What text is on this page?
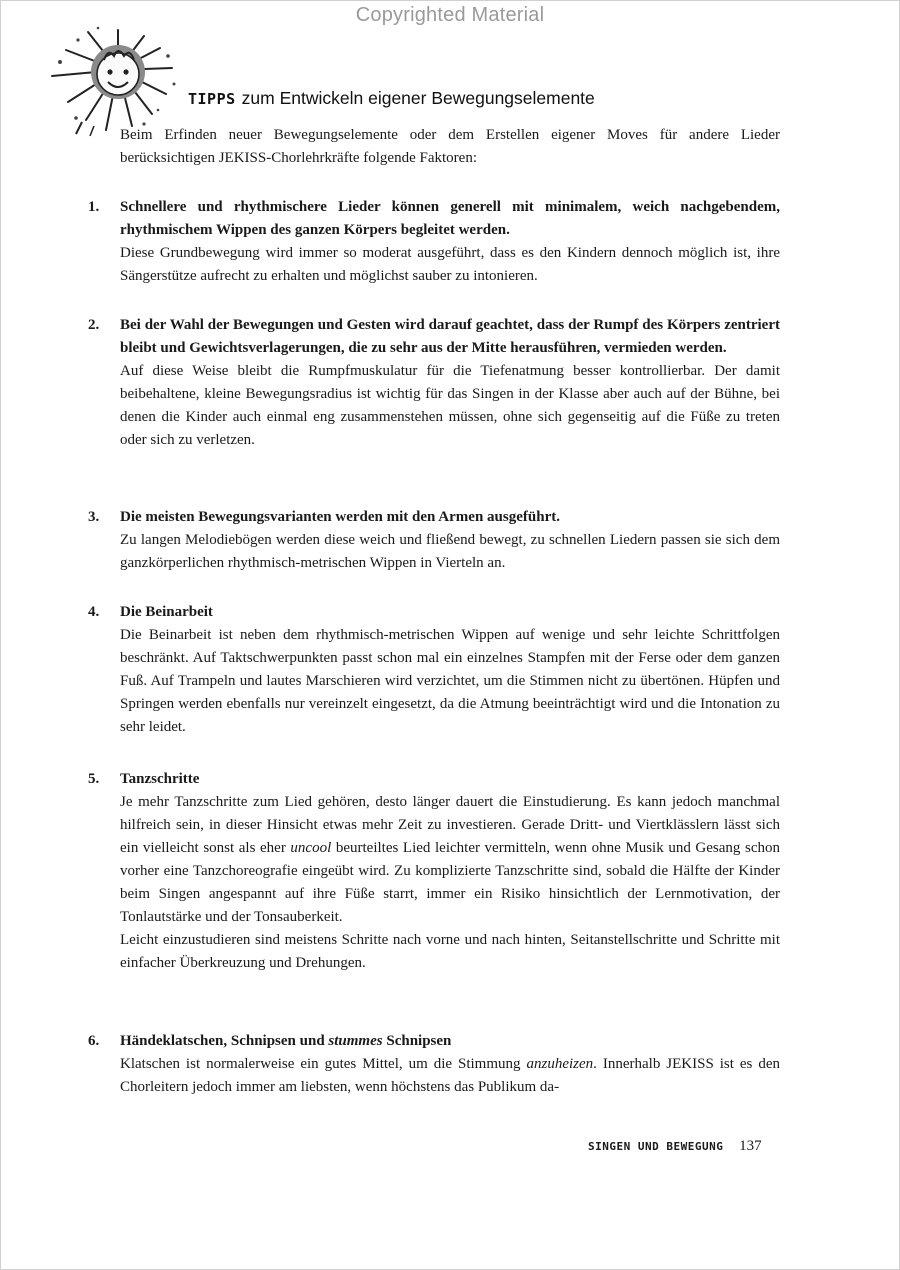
Copyrighted Material
TIPPS zum Entwickeln eigener Bewegungselemente
Beim Erfinden neuer Bewegungselemente oder dem Erstellen eigener Moves für andere Lieder berücksichtigen JEKISS-Chorlehrkräfte folgende Faktoren:
1. Schnellere und rhythmischere Lieder können generell mit minimalem, weich nachgebendem, rhythmischem Wippen des ganzen Körpers begleitet werden.
Diese Grundbewegung wird immer so moderat ausgeführt, dass es den Kindern dennoch möglich ist, ihre Sängerstütze aufrecht zu erhalten und möglichst sauber zu intonieren.
2. Bei der Wahl der Bewegungen und Gesten wird darauf geachtet, dass der Rumpf des Körpers zentriert bleibt und Gewichtsverlagerungen, die zu sehr aus der Mitte herausführen, vermieden werden.
Auf diese Weise bleibt die Rumpfmuskulatur für die Tiefenatmung besser kontrollierbar. Der damit beibehaltene, kleine Bewegungsradius ist wichtig für das Singen in der Klasse aber auch auf der Bühne, bei denen die Kinder auch einmal eng zusammenstehen müssen, ohne sich gegenseitig auf die Füße zu treten oder sich zu verletzen.
3. Die meisten Bewegungsvarianten werden mit den Armen ausgeführt.
Zu langen Melodiebögen werden diese weich und fließend bewegt, zu schnellen Liedern passen sie sich dem ganzkörperlichen rhythmisch-metrischen Wippen in Vierteln an.
4. Die Beinarbeit
Die Beinarbeit ist neben dem rhythmisch-metrischen Wippen auf wenige und sehr leichte Schrittfolgen beschränkt. Auf Taktschwerpunkten passt schon mal ein einzelnes Stampfen mit der Ferse oder dem ganzen Fuß. Auf Trampeln und lautes Marschieren wird verzichtet, um die Stimmen nicht zu übertönen. Hüpfen und Springen werden ebenfalls nur vereinzelt eingesetzt, da die Atmung beeinträchtigt wird und die Intonation zu sehr leidet.
5. Tanzschritte
Je mehr Tanzschritte zum Lied gehören, desto länger dauert die Einstudierung. Es kann jedoch manchmal hilfreich sein, in dieser Hinsicht etwas mehr Zeit zu investieren. Gerade Dritt- und Viertklässlern lässt sich ein vielleicht sonst als eher uncool beurteiltes Lied leichter vermitteln, wenn ohne Musik und Gesang schon vorher eine Tanzchoreografie eingeübt wird. Zu komplizierte Tanzschritte sind, sobald die Hälfte der Kinder beim Singen angespannt auf ihre Füße starrt, immer ein Risiko hinsichtlich der Lernmotivation, der Tonlautstärke und der Tonsauberkeit.
Leicht einzustudieren sind meistens Schritte nach vorne und nach hinten, Seitanstellschritte und Schritte mit einfacher Überkreuzung und Drehungen.
6. Händeklatschen, Schnipsen und stummes Schnipsen
Klatschen ist normalerweise ein gutes Mittel, um die Stimmung anzuheizen. Innerhalb JEKISS ist es den Chorleitern jedoch immer am liebsten, wenn höchstens das Publikum da-
SINGEN UND BEWEGUNG 137
